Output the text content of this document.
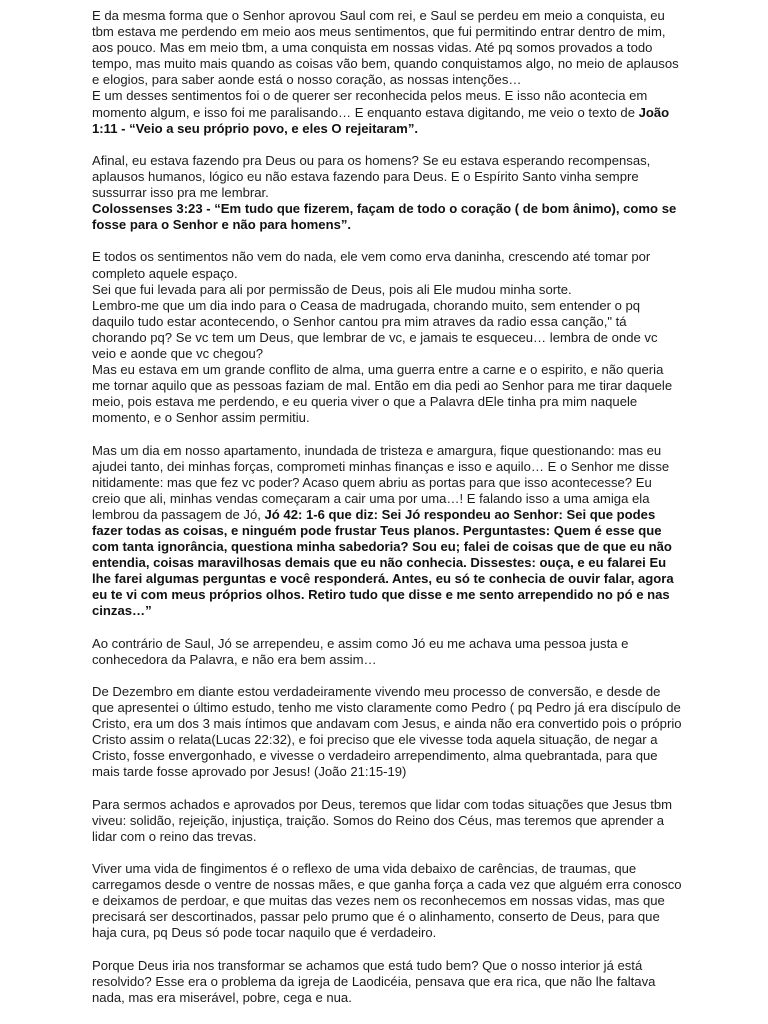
E da mesma forma que o Senhor aprovou Saul com rei, e Saul se perdeu em meio a conquista, eu
tbm estava me perdendo em meio aos meus sentimentos, que fui permitindo entrar dentro de mim,
aos pouco. Mas em meio tbm, a uma conquista em nossas vidas. Até pq somos provados a todo
tempo, mas muito mais quando as coisas vão bem, quando conquistamos algo, no meio de aplausos
e elogios, para saber aonde está o nosso coração, as nossas intenções…
E um desses sentimentos foi o de querer ser reconhecida pelos meus. E isso não acontecia em
momento algum, e isso foi me paralisando… E enquanto estava digitando, me veio o texto de João
1:11 - “Veio a seu próprio povo, e eles O rejeitaram”.
Afinal, eu estava fazendo pra Deus ou para os homens? Se eu estava esperando recompensas,
aplausos humanos, lógico eu não estava fazendo para Deus. E o Espírito Santo vinha sempre
sussurrar isso pra me lembrar.
Colossenses 3:23 - “Em tudo que fizerem, façam de todo o coração ( de bom ânimo), como se
fosse para o Senhor e não para homens”.
E todos os sentimentos não vem do nada, ele vem como erva daninha, crescendo até tomar por
completo aquele espaço.
Sei que fui levada para ali por permissão de Deus, pois ali Ele mudou minha sorte.
Lembro-me que um dia indo para o Ceasa de madrugada, chorando muito, sem entender o pq
daquilo tudo estar acontecendo, o Senhor cantou pra mim atraves da radio essa canção," tá
chorando pq? Se vc tem um Deus, que lembrar de vc, e jamais te esqueceu… lembra de onde vc
veio e aonde que vc chegou?
Mas eu estava em um grande conflito de alma, uma guerra entre a carne e o espirito, e não queria
me tornar aquilo que as pessoas faziam de mal. Então em dia pedi ao Senhor para me tirar daquele
meio, pois estava me perdendo, e eu queria viver o que a Palavra dEle tinha pra mim naquele
momento, e o Senhor assim permitiu.
Mas um dia em nosso apartamento, inundada de tristeza e amargura, fique questionando: mas eu
ajudei tanto, dei minhas forças, comprometi minhas finanças e isso e aquilo… E o Senhor me disse
nitidamente: mas que fez vc poder? Acaso quem abriu as portas para que isso acontecesse? Eu
creio que ali, minhas vendas começaram a cair uma por uma…! E falando isso a uma amiga ela
lembrou da passagem de Jó, Jó 42: 1-6 que diz: Sei Jó respondeu ao Senhor: Sei que podes
fazer todas as coisas, e ninguém pode frustar Teus planos. Perguntastes: Quem é esse que
com tanta ignorância, questiona minha sabedoria? Sou eu; falei de coisas que de que eu não
entendia, coisas maravilhosas demais que eu não conhecia. Dissestes: ouça, e eu falarei Eu
lhe farei algumas perguntas e você responderá. Antes, eu só te conhecia de ouvir falar, agora
eu te vi com meus próprios olhos. Retiro tudo que disse e me sento arrependido no pó e nas
cinzas…”
Ao contrário de Saul, Jó se arrependeu, e assim como Jó eu me achava uma pessoa justa e
conhecedora da Palavra, e não era bem assim…
De Dezembro em diante estou verdadeiramente vivendo meu processo de conversão, e desde de
que apresentei o último estudo, tenho me visto claramente como Pedro ( pq Pedro já era discípulo de
Cristo, era um dos 3 mais íntimos que andavam com Jesus, e ainda não era convertido pois o próprio
Cristo assim o relata(Lucas 22:32), e foi preciso que ele vivesse toda aquela situação, de negar a
Cristo, fosse envergonhado, e vivesse o verdadeiro arrependimento, alma quebrantada, para que
mais tarde fosse aprovado por Jesus! (João 21:15-19)
Para sermos achados e aprovados por Deus, teremos que lidar com todas situações que Jesus tbm
viveu: solidão, rejeição, injustiça, traição. Somos do Reino dos Céus, mas teremos que aprender a
lidar com o reino das trevas.
Viver uma vida de fingimentos é o reflexo de uma vida debaixo de carências, de traumas, que
carregamos desde o ventre de nossas mães, e que ganha força a cada vez que alguém erra conosco
e deixamos de perdoar, e que muitas das vezes nem os reconhecemos em nossas vidas, mas que
precisará ser descortinados, passar pelo prumo que é o alinhamento, conserto de Deus, para que
haja cura, pq Deus só pode tocar naquilo que é verdadeiro.
Porque Deus iria nos transformar se achamos que está tudo bem? Que o nosso interior já está
resolvido? Esse era o problema da igreja de Laodicéia, pensava que era rica, que não lhe faltava
nada, mas era miserável, pobre, cega e nua.
